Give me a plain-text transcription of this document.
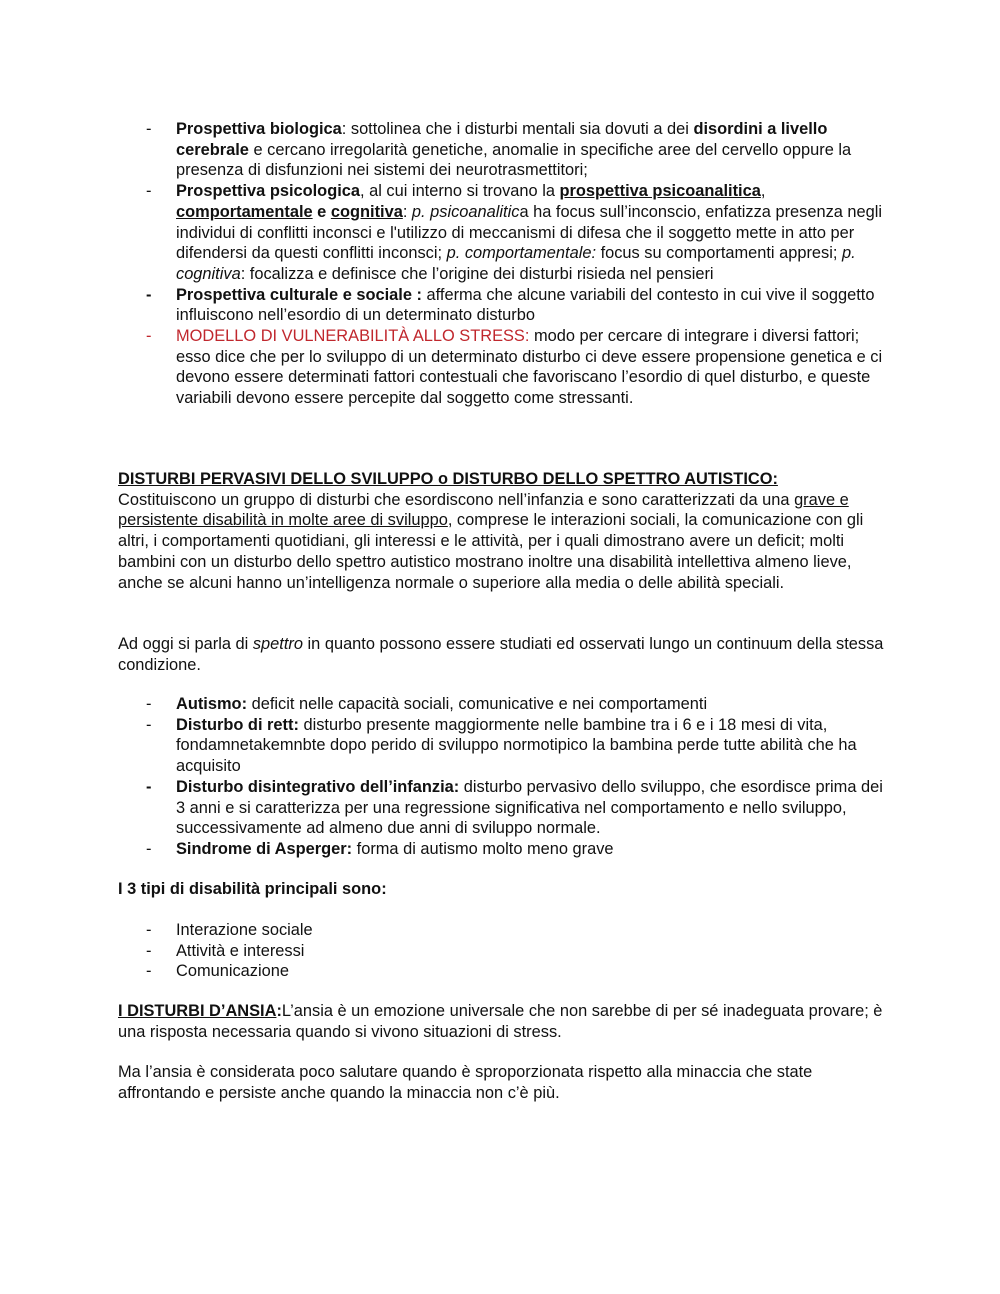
- Prospettiva biologica: sottolinea che i disturbi mentali sia dovuti a dei disordini a livello cerebrale e cercano irregolarità genetiche, anomalie in specifiche aree del cervello oppure la presenza di disfunzioni nei sistemi dei neurotrasmettitori;
- Prospettiva psicologica, al cui interno si trovano la prospettiva psicoanalitica,
comportamentale e cognitiva: p. psicoanalitica ha focus sull’inconscio, enfatizza presenza negli individui di conflitti inconsci e l'utilizzo di meccanismi di difesa che il soggetto mette in atto per difendersi da questi conflitti inconsci; p. comportamentale: focus su comportamenti appresi; p. cognitiva: focalizza e definisce che l’origine dei disturbi risieda nel pensieri
- Prospettiva culturale e sociale : afferma che alcune variabili del contesto in cui vive il soggetto influiscono nell’esordio di un determinato disturbo
- MODELLO DI VULNERABILITÀ ALLO STRESS: modo per cercare di integrare i diversi fattori; esso dice che per lo sviluppo di un determinato disturbo ci deve essere propensione genetica e ci devono essere determinati fattori contestuali che favoriscano l’esordio di quel disturbo, e queste variabili devono essere percepite dal soggetto come stressanti.

DISTURBI PERVASIVI DELLO SVILUPPO o DISTURBO DELLO SPETTRO AUTISTICO:
Costituiscono un gruppo di disturbi che esordiscono nell’infanzia e sono caratterizzati da una grave e persistente disabilità in molte aree di sviluppo, comprese le interazioni sociali, la comunicazione con gli altri, i comportamenti quotidiani, gli interessi e le attività, per i quali dimostrano avere un deficit; molti bambini con un disturbo dello spettro autistico mostrano inoltre una disabilità intellettiva almeno lieve, anche se alcuni hanno un’intelligenza normale o superiore alla media o delle abilità speciali.

Ad oggi si parla di spettro in quanto possono essere studiati ed osservati lungo un continuum della stessa condizione.

- Autismo: deficit nelle capacità sociali, comunicative e nei comportamenti
- Disturbo di rett: disturbo presente maggiormente nelle bambine tra i 6 e i 18 mesi di vita, fondamnetakemnbte dopo perido di sviluppo normotipico la bambina perde tutte abilità che ha acquisito
- Disturbo disintegrativo dell’infanzia: disturbo pervasivo dello sviluppo, che esordisce prima dei 3 anni e si caratterizza per una regressione significativa nel comportamento e nello sviluppo, successivamente ad almeno due anni di sviluppo normale.
- Sindrome di Asperger: forma di autismo molto meno grave

I 3 tipi di disabilità principali sono:

- Interazione sociale
- Attività e interessi
- Comunicazione

I DISTURBI D’ANSIA:L’ansia è un emozione universale che non sarebbe di per sé inadeguata provare; è una risposta necessaria quando si vivono situazioni di stress.

Ma l’ansia è considerata poco salutare quando è sproporzionata rispetto alla minaccia che state affrontando e persiste anche quando la minaccia non c’è più.
